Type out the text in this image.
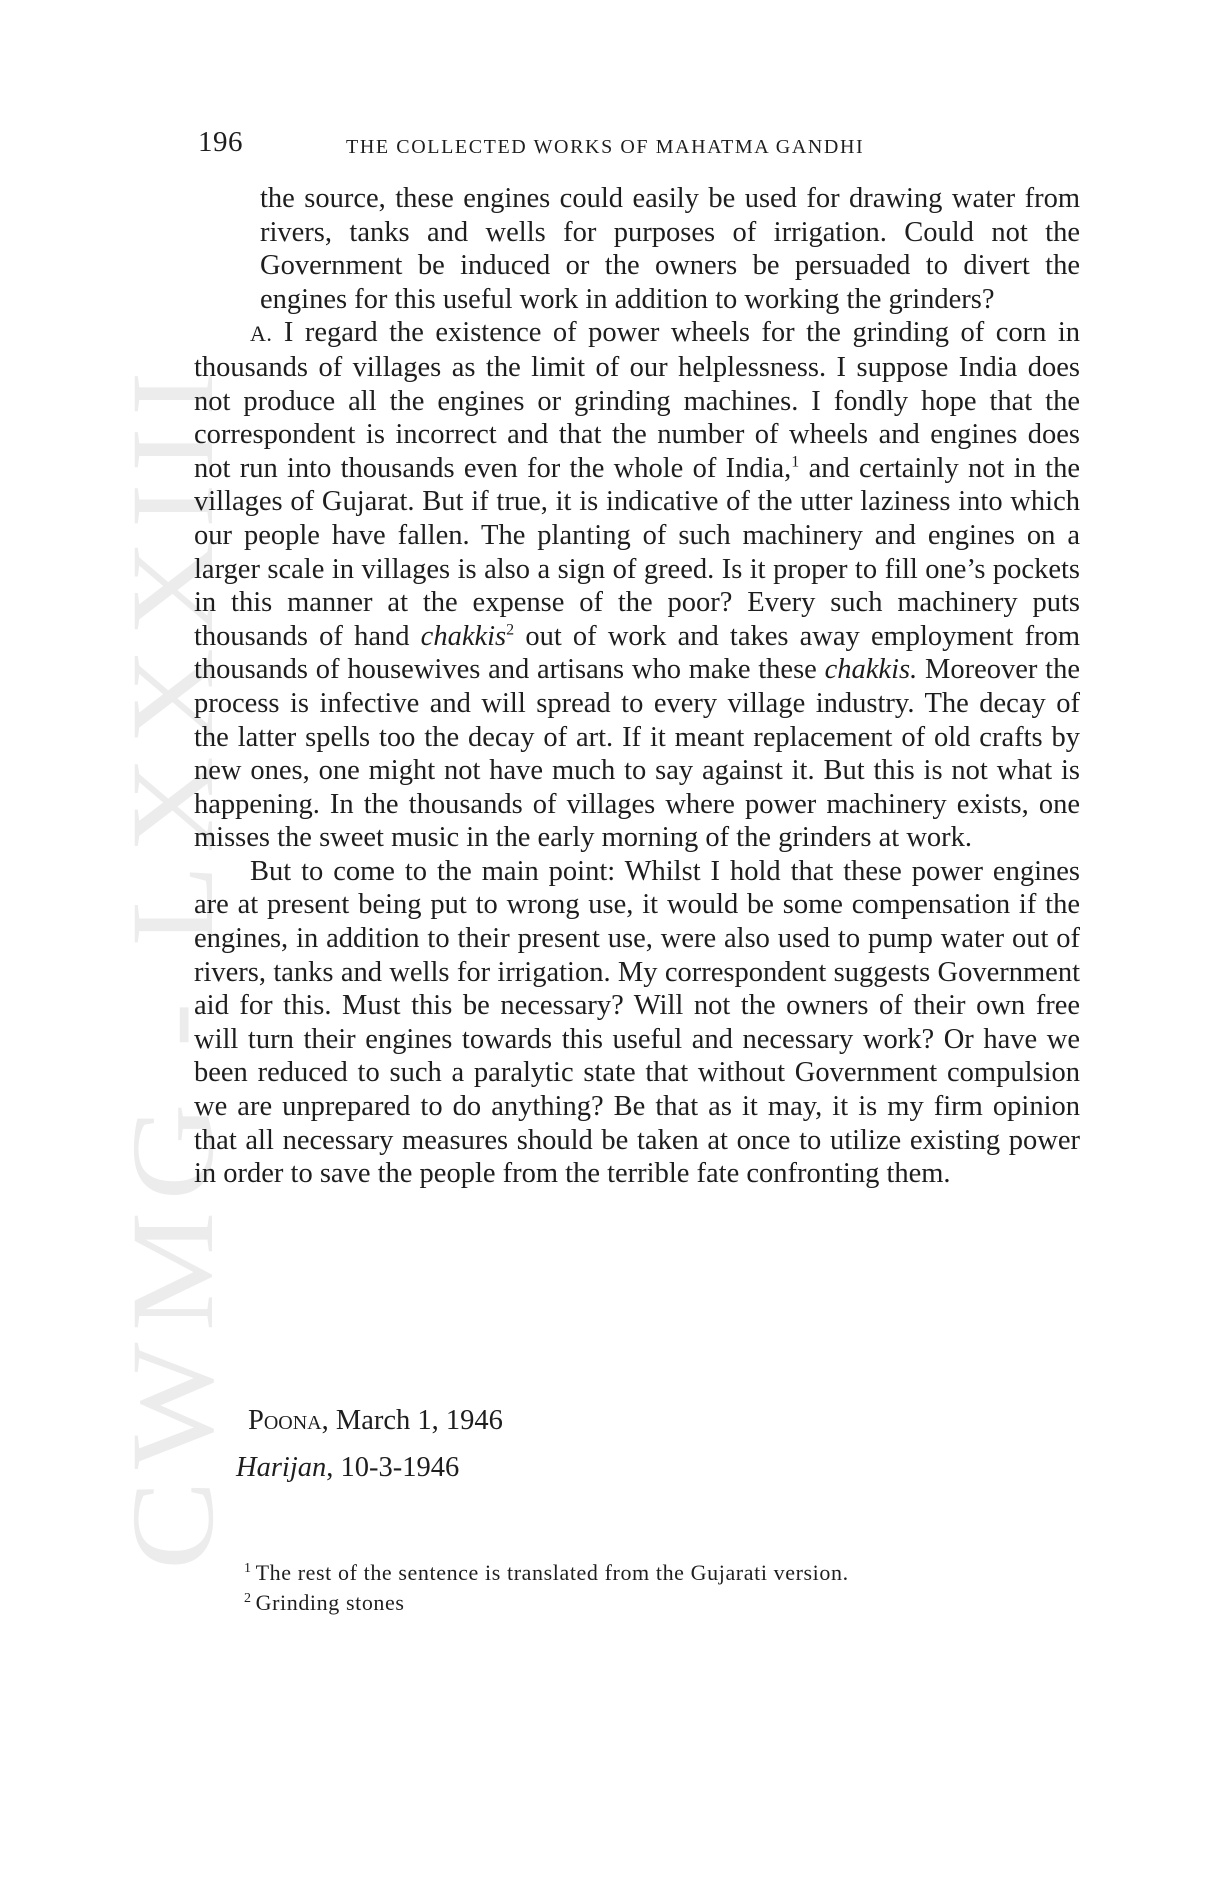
CWMG - LXXXIII
196	THE COLLECTED WORKS OF MAHATMA GANDHI

the source, these engines could easily be used for drawing water from rivers, tanks and wells for purposes of irrigation. Could not the Government be induced or the owners be persuaded to divert the engines for this useful work in addition to working the grinders?

A. I regard the existence of power wheels for the grinding of corn in thousands of villages as the limit of our helplessness. I suppose India does not produce all the engines or grinding machines. I fondly hope that the correspondent is incorrect and that the number of wheels and engines does not run into thousands even for the whole of India,$^1$ and certainly not in the villages of Gujarat. But if true, it is indicative of the utter laziness into which our people have fallen. The planting of such machinery and engines on a larger scale in villages is also a sign of greed. Is it proper to fill one’s pockets in this manner at the expense of the poor? Every such machinery puts thousands of hand chakkis$^2$ out of work and takes away employment from thousands of housewives and artisans who make these chakkis. Moreover the process is infective and will spread to every village industry. The decay of the latter spells too the decay of art. If it meant replacement of old crafts by new ones, one might not have much to say against it. But this is not what is happening. In the thousands of villages where power machinery exists, one misses the sweet music in the early morning of the grinders at work.

But to come to the main point: Whilst I hold that these power engines are at present being put to wrong use, it would be some compensation if the engines, in addition to their present use, were also used to pump water out of rivers, tanks and wells for irrigation. My correspondent suggests Government aid for this. Must this be necessary? Will not the owners of their own free will turn their engines towards this useful and necessary work? Or have we been reduced to such a paralytic state that without Government compulsion we are unprepared to do anything? Be that as it may, it is my firm opinion that all necessary measures should be taken at once to utilize existing power in order to save the people from the terrible fate confronting them.

Poona, March 1, 1946
Harijan, 10-3-1946
$^1$ The rest of the sentence is translated from the Gujarati version.
$^2$ Grinding stones
